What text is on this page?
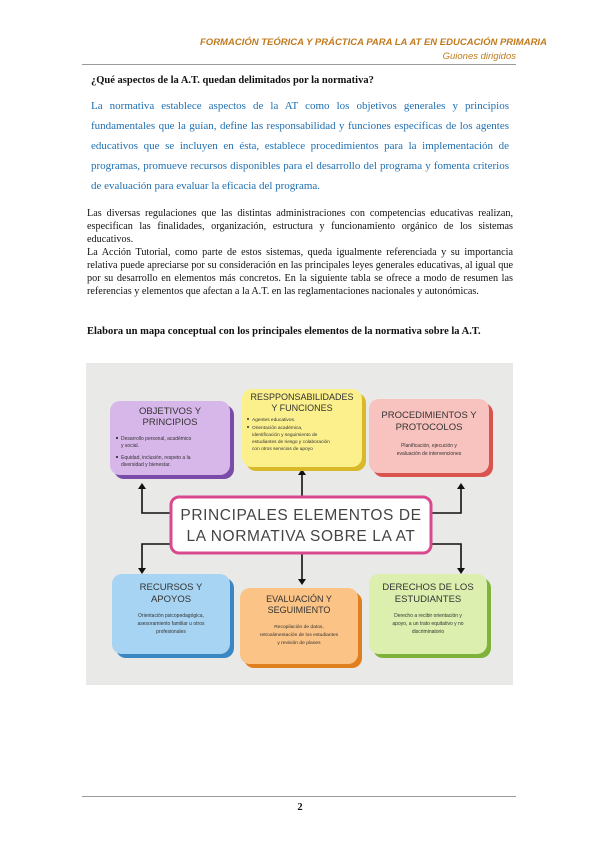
FORMACIÓN TEÓRICA Y PRÁCTICA PARA LA AT EN EDUCACIÓN PRIMARIA
Guiones dirigidos
¿Qué aspectos de la A.T. quedan delimitados por la normativa?

La normativa establece aspectos de la AT como los objetivos generales y principios fundamentales que la guían, define las responsabilidad y funciones específicas de los agentes educativos que se incluyen en ésta, establece procedimientos para la implementación de programas, promueve recursos disponibles para el desarrollo del programa y fomenta criterios de evaluación para evaluar la eficacia del programa.

Las diversas regulaciones que las distintas administraciones con competencias educativas realizan, especifican las finalidades, organización, estructura y funcionamiento orgánico de los sistemas educativos.

La Acción Tutorial, como parte de estos sistemas, queda igualmente referenciada y su importancia relativa puede apreciarse por su consideración en las principales leyes generales educativas, al igual que por su desarrollo en elementos más concretos. En la siguiente tabla se ofrece a modo de resumen las referencias y elementos que afectan a la A.T. en las reglamentaciones nacionales y autonómicas.

Elabora un mapa conceptual con los principales elementos de la normativa sobre la A.T.
PRINCIPALES ELEMENTOS DE
LA NORMATIVA SOBRE LA AT
OBJETIVOS Y
PRINCIPIOS
Desarrollo personal, académico
y social.
Equidad, inclusión, respeto a la
diversidad y bienestar.
RESPPONSABILIDADES
Y FUNCIONES
Agentes educativos.
Orientación académica,
identificación y seguimiento de
estudiantes de riesgo y colaboración
con otros servicios de apoyo
PROCEDIMIENTOS Y
PROTOCOLOS
Planificación, ejecución y
evaluación de intervenciones
RECURSOS Y
APOYOS
Orientación psicopedagógica,
asesoramiento familiar u otros
profesionales
EVALUACIÓN Y
SEGUIMIENTO
Recopilación de datos,
retroalimentación de los estudiantes
y revisión de planes
DERECHOS DE LOS
ESTUDIANTES
Derecho a recibir orientación y
apoyo, a un trato equitativo y no
discriminatorio
2
